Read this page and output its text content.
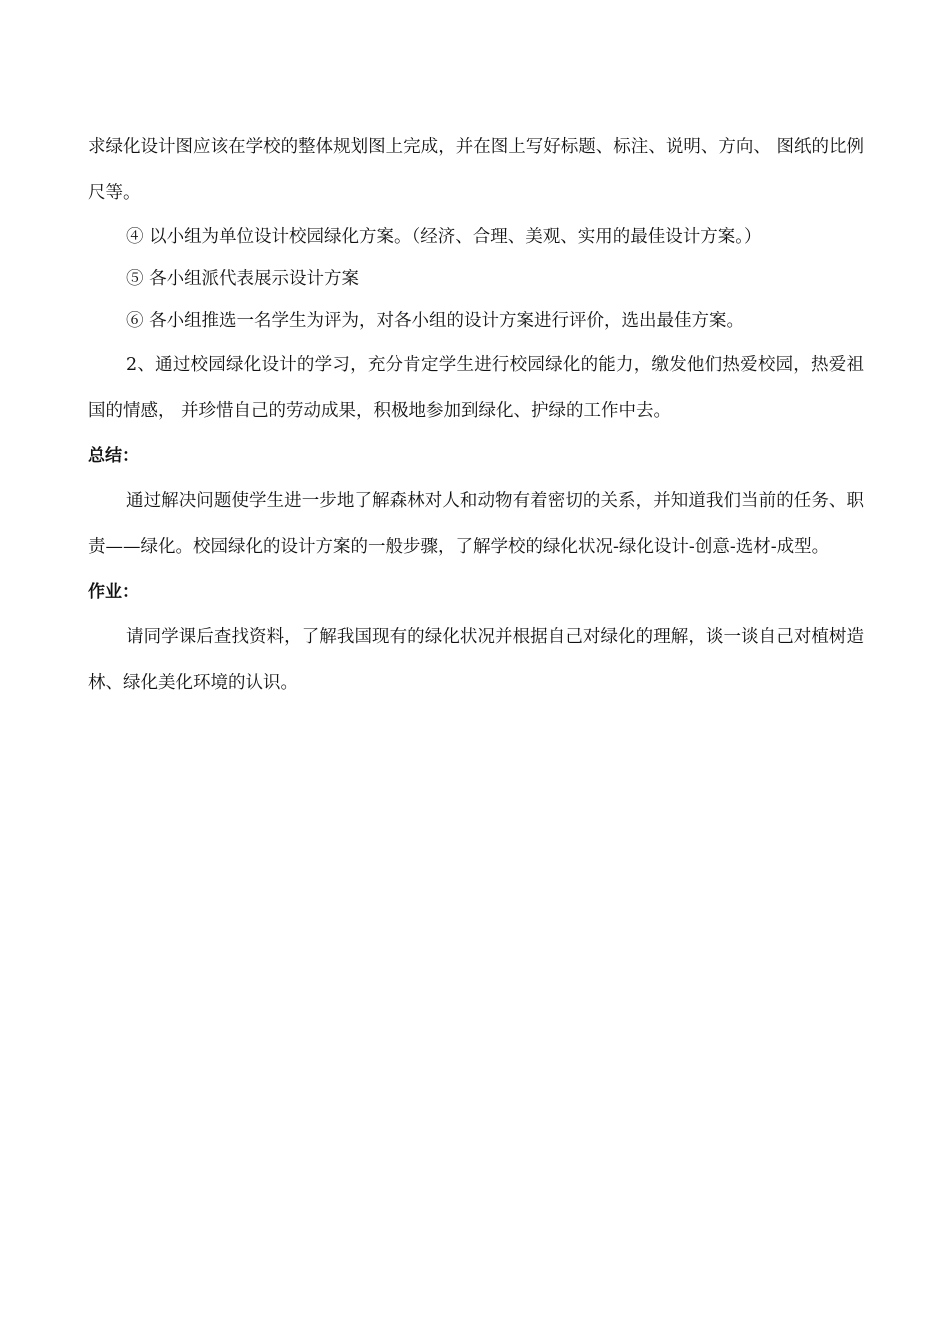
求绿化设计图应该在学校的整体规划图上完成，并在图上写好标题、标注、说明、方向、 图纸的比例尺等。

④ 以小组为单位设计校园绿化方案。（经济、合理、美观、实用的最佳设计方案。）

⑤ 各小组派代表展示设计方案

⑥ 各小组推选一名学生为评为，对各小组的设计方案进行评价，选出最佳方案。

2、通过校园绿化设计的学习，充分肯定学生进行校园绿化的能力，缴发他们热爱校园，热爱祖国的情感， 并珍惜自己的劳动成果，积极地参加到绿化、护绿的工作中去。

总结：

通过解决问题使学生进一步地了解森林对人和动物有着密切的关系，并知道我们当前的任务、职责——绿化。校园绿化的设计方案的一般步骤，了解学校的绿化状况-绿化设计-创意-选材-成型。

作业：

请同学课后查找资料，了解我国现有的绿化状况并根据自己对绿化的理解，谈一谈自己对植树造林、绿化美化环境的认识。
